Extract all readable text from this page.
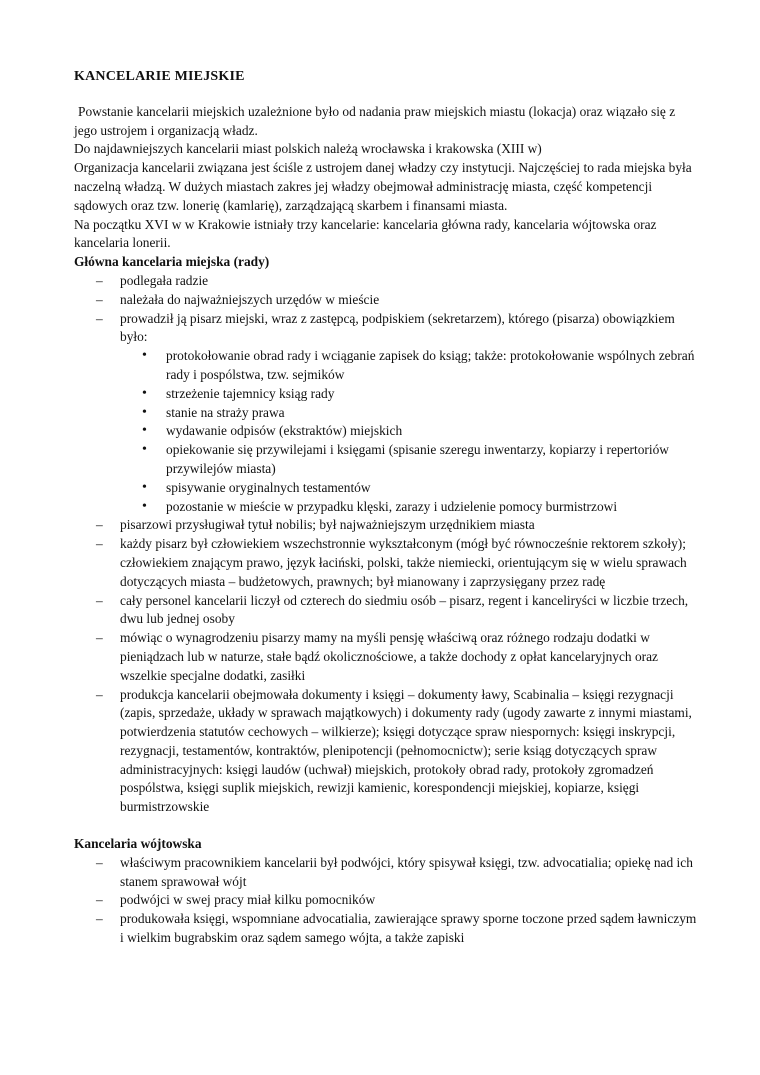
KANCELARIE MIEJSKIE

Powstanie kancelarii miejskich uzależnione było od nadania praw miejskich miastu (lokacja) oraz wiązało się z jego ustrojem i organizacją władz.

Do najdawniejszych kancelarii miast polskich należą wrocławska i krakowska (XIII w)

Organizacja kancelarii związana jest ściśle z ustrojem danej władzy czy instytucji. Najczęściej to rada miejska była naczelną władzą. W dużych miastach zakres jej władzy obejmował administrację miasta, część kompetencji sądowych oraz tzw. lonerię (kamlarię), zarządzającą skarbem i finansami miasta.

Na początku XVI w w Krakowie istniały trzy kancelarie: kancelaria główna rady, kancelaria wójtowska oraz kancelaria lonerii.

Główna kancelaria miejska (rady)
– podlegała radzie
– należała do najważniejszych urzędów w mieście
– prowadził ją pisarz miejski, wraz z zastępcą, podpiskiem (sekretarzem), którego (pisarza) obowiązkiem było:
• protokołowanie obrad rady i wciąganie zapisek do ksiąg; także: protokołowanie wspólnych zebrań rady i pospólstwa, tzw. sejmików
• strzeżenie tajemnicy ksiąg rady
• stanie na straży prawa
• wydawanie odpisów (ekstraktów) miejskich
• opiekowanie się przywilejami i księgami (spisanie szeregu inwentarzy, kopiarzy i repertoriów przywilejów miasta)
• spisywanie oryginalnych testamentów
• pozostanie w mieście w przypadku klęski, zarazy i udzielenie pomocy burmistrzowi
– pisarzowi przysługiwał tytuł nobilis; był najważniejszym urzędnikiem miasta
– każdy pisarz był człowiekiem wszechstronnie wykształconym (mógł być równocześnie rektorem szkoły); człowiekiem znającym prawo, język łaciński, polski, także niemiecki, orientującym się w wielu sprawach dotyczących miasta – budżetowych, prawnych; był mianowany i zaprzysięgany przez radę
– cały personel kancelarii liczył od czterech do siedmiu osób – pisarz, regent i kanceliryści w liczbie trzech, dwu lub jednej osoby
– mówiąc o wynagrodzeniu pisarzy mamy na myśli pensję właściwą oraz różnego rodzaju dodatki w pieniądzach lub w naturze, stałe bądź okolicznościowe, a także dochody z opłat kancelaryjnych oraz wszelkie specjalne dodatki, zasiłki
– produkcja kancelarii obejmowała dokumenty i księgi – dokumenty ławy, Scabinalia – księgi rezygnacji (zapis, sprzedaże, układy w sprawach majątkowych) i dokumenty rady (ugody zawarte z innymi miastami, potwierdzenia statutów cechowych – wilkierze); księgi dotyczące spraw niespornych: księgi inskrypcji, rezygnacji, testamentów, kontraktów, plenipotencji (pełnomocnictw); serie ksiąg dotyczących spraw administracyjnych: księgi laudów (uchwał) miejskich, protokoły obrad rady, protokoły zgromadzeń pospólstwa, księgi suplik miejskich, rewizji kamienic, korespondencji miejskiej, kopiarze, księgi burmistrzowskie
Kancelaria wójtowska
– właściwym pracownikiem kancelarii był podwójci, który spisywał księgi, tzw. advocatialia; opiekę nad ich stanem sprawował wójt
– podwójci w swej pracy miał kilku pomocników
– produkowała księgi, wspomniane advocatialia, zawierające sprawy sporne toczone przed sądem ławniczym i wielkim bugrabskim oraz sądem samego wójta, a także zapiski
